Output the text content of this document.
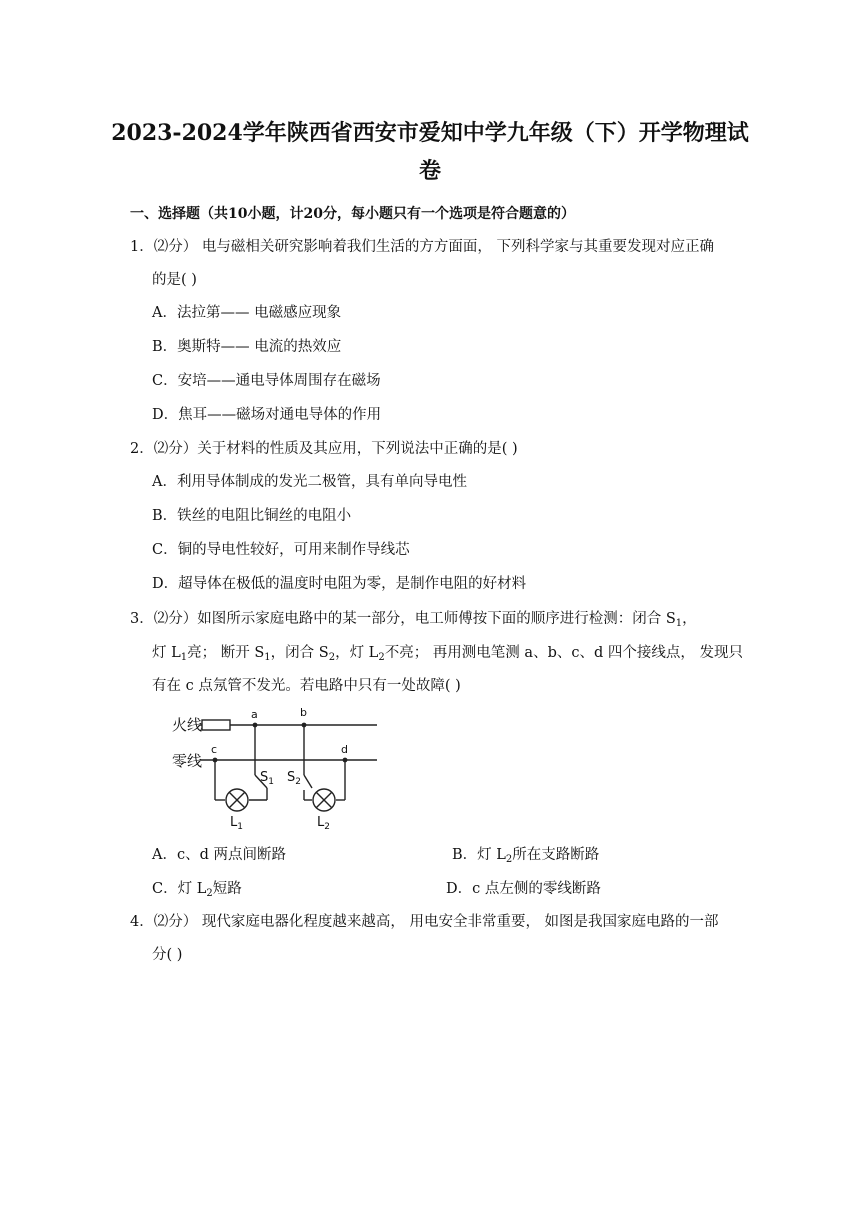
2023-2024学年陕西省西安市爱知中学九年级（下）开学物理试
卷
一、选择题（共10小题，计20分，每小题只有一个选项是符合题意的）
1．⑵分） 电与磁相关研究影响着我们生活的方方面面， 下列科学家与其重要发现对应正确
的是( )
A．法拉第—— 电磁感应现象
B．奥斯特—— 电流的热效应
C．安培——通电导体周围存在磁场
D．焦耳——磁场对通电导体的作用
2．⑵分）关于材料的性质及其应用，下列说法中正确的是( )
A．利用导体制成的发光二极管，具有单向导电性
B．铁丝的电阻比铜丝的电阻小
C．铜的导电性较好，可用来制作导线芯
D．超导体在极低的温度时电阻为零，是制作电阻的好材料
3．⑵分）如图所示家庭电路中的某一部分，电工师傅按下面的顺序进行检测：闭合 $S_1$，
灯 $L_1$亮； 断开 $S_1$，闭合 $S_2$，灯 $L_2$不亮； 再用测电笔测 a、b、c、d 四个接线点， 发现只
有在 c 点氖管不发光。若电路中只有一处故障( )
火线
零线
a	b
c	d
$S_1$ $S_2$
$L_1$	$L_2$
A．c、d 两点间断路	B．灯 $L_2$所在支路断路
C．灯 $L_2$短路	D．c 点左侧的零线断路
4．⑵分） 现代家庭电器化程度越来越高， 用电安全非常重要， 如图是我国家庭电路的一部
分( )
